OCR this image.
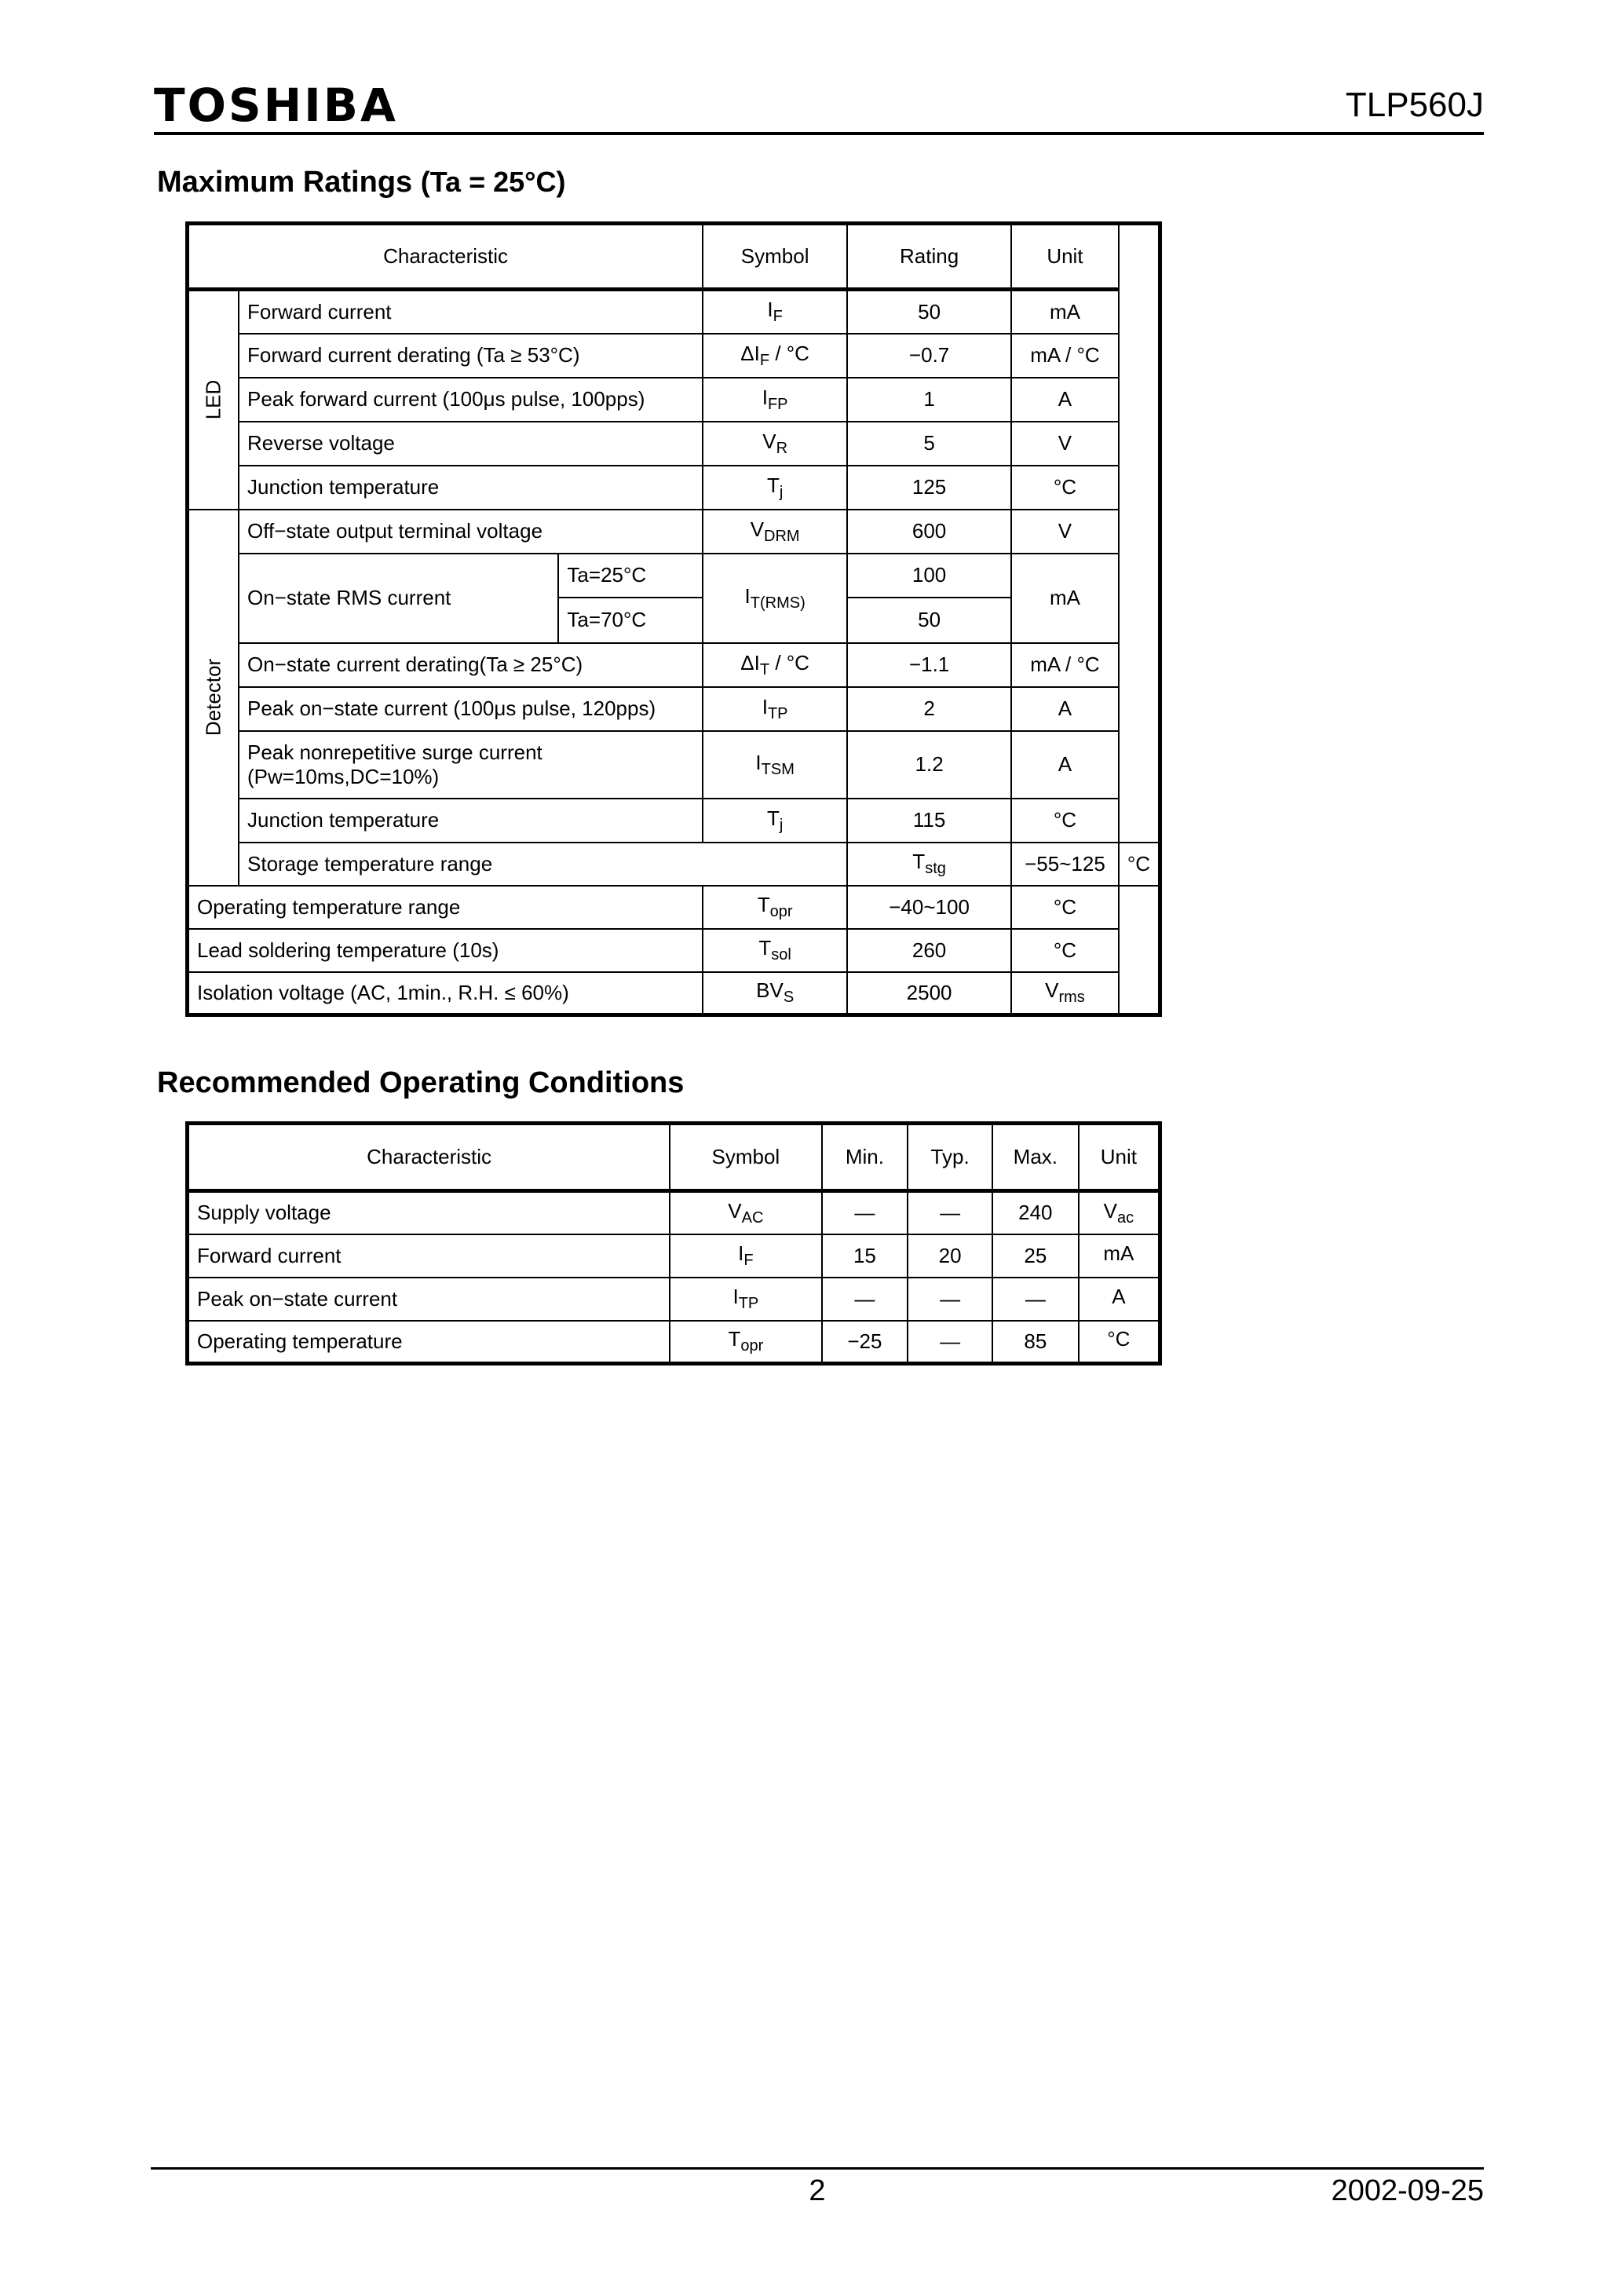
TOSHIBA	TLP560J
Maximum Ratings (Ta = 25°C)
Characteristic			Symbol	Rating	Unit	

LED	Forward current		$I_F$	50	mA	
	Forward current derating (Ta ≥ 53°C)		$\Delta I_F / ^\circ C$	−0.7	mA / °C	
	Peak forward current (100μs pulse, 100pps)		$I_{FP}$	1	A	
	Reverse voltage		$V_R$	5	V	
	Junction temperature		$T_j$	125	°C	

Detector	Off−state output terminal voltage		$V_{DRM}$	600	V	
	On−state RMS current	Ta=25°C	$I_{T(RMS)}$	100	mA	
		Ta=70°C		50		
	On−state current derating(Ta ≥ 25°C)		$\Delta I_T / ^\circ C$	−1.1	mA / °C	
	Peak on−state current (100μs pulse, 120pps)		$I_{TP}$	2	A	

	Peak nonrepetitive surge current
(Pw=10ms,DC=10%)		$I_{TSM}$	1.2	A	
	Junction temperature		$T_j$	115	°C	
	Storage temperature range			$T_{stg}$	−55~125	°C
Operating temperature range			$T_{opr}$	−40~100	°C	
Lead soldering temperature (10s)			$T_{sol}$	260	°C	
Isolation voltage (AC, 1min., R.H. ≤ 60%)			$BV_S$	2500	$V_{rms}$
Recommended Operating Conditions
Characteristic	Symbol	Min.	Typ.	Max.	Unit
Supply voltage	$V_{AC}$	—	—	240	$V_{ac}$
Forward current	$I_F$	15	20	25	mA
Peak on−state current	$I_{TP}$	—	—	—	A
Operating temperature	$T_{opr}$	−25	—	85	°C
2	2002-09-25
